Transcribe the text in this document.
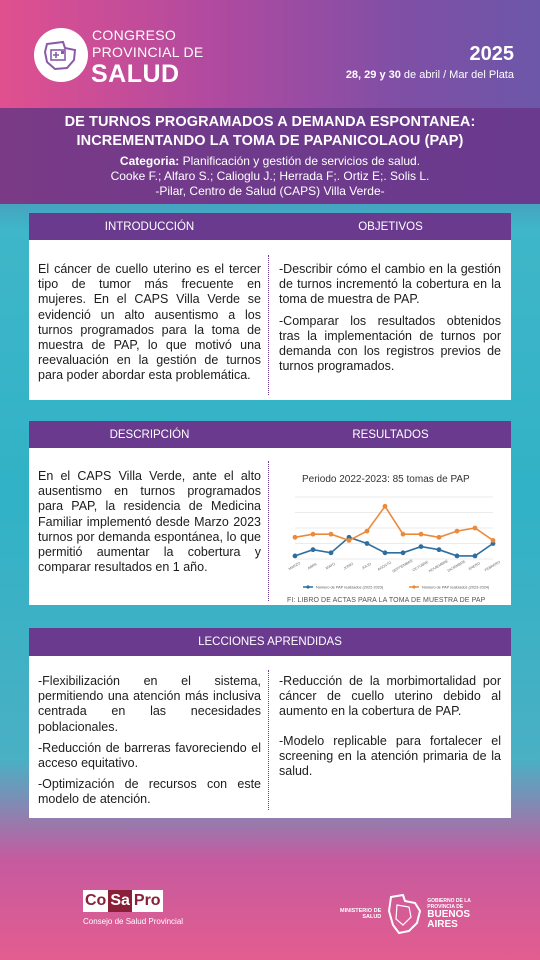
CONGRESO
PROVINCIAL DE
SALUD
2025
28, 29 y 30 de abril / Mar del Plata
DE TURNOS PROGRAMADOS A DEMANDA ESPONTANEA:
INCREMENTANDO LA TOMA DE PAPANICOLAOU (PAP)
Categoria: Planificación y gestión de servicios de salud.
Cooke F.; Alfaro S.; Calioglu J.; Herrada F;. Ortiz E;. Solis L.
-Pilar, Centro de Salud (CAPS) Villa Verde-
INTRODUCCIÓN	OBJETIVOS

El cáncer de cuello uterino es el tercer tipo de tumor más frecuente en mujeres. En el CAPS Villa Verde se evidenció un alto ausentismo a los turnos programados para la toma de muestra de PAP, lo que motivó una reevaluación en la gestión de turnos para poder abordar esta problemática.

-Describir cómo el cambio en la gestión de turnos incrementó la cobertura en la toma de muestra de PAP.

-Comparar los resultados obtenidos tras la implementación de turnos por demanda con los registros previos de turnos programados.

DESCRIPCIÓN	RESULTADOS

En el CAPS Villa Verde, ante el alto ausentismo en turnos programados para PAP, la residencia de Medicina Familiar implementó desde Marzo 2023 turnos por demanda espontánea, lo que permitió aumentar la cobertura y comparar resultados en 1 año.

Periodo 2022-2023: 85 tomas de PAP
MARZO ABRIL MAYO JUNIO JULIO AGOSTO SEPTIEMBRE
OCTUBRE NOVIEMBRE
DICIEMBRE ENERO FEBRERO
Número de PAP realizados (2022-2023)	Número de PAP realizados (2023-2024)
FI: LIBRO DE ACTAS PARA LA TOMA DE MUESTRA DE PAP
LECCIONES APRENDIDAS

-Flexibilización en el sistema, permitiendo una atención más inclusiva centrada en las necesidades poblacionales.

-Reducción de barreras favoreciendo el acceso equitativo.

-Optimización de recursos con este modelo de atención.

-Reducción de la morbimortalidad por cáncer de cuello uterino debido al aumento en la cobertura de PAP.

-Modelo replicable para fortalecer el screening en la atención primaria de la salud.

Co Sa Pro
Consejo de Salud Provincial
MINISTERIO DE
SALUD
GOBIERNO DE LA
PROVINCIA DE
BUENOS
AIRES
